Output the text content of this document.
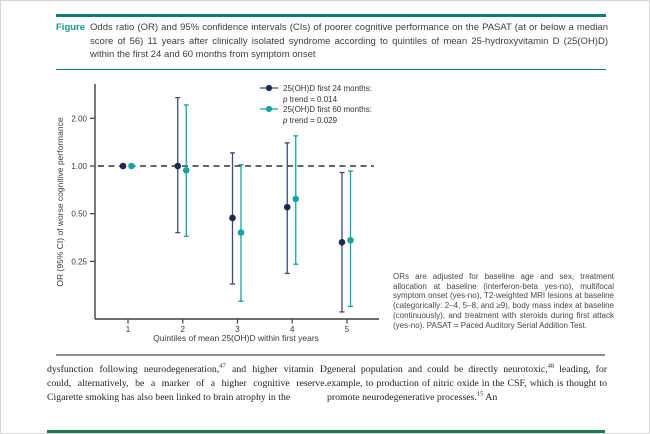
Figure Odds ratio (OR) and 95% confidence intervals (CIs) of poorer cognitive performance on the PASAT (at or below a median score of 56) 11 years after clinically isolated syndrome according to quintiles of mean 25-hydroxyvitamin D (25(OH)D) within the first 24 and 60 months from symptom onset
2.00
1.00
0.50
0.25
1	2	3	4	5
25(OH)D first 24 months:
p trend = 0.014
25(OH)D first 60 months:
p trend = 0.029
Quintiles of mean 25(OH)D within first years
OR (95% CI) of worse cognitive performance	ORs are adjusted for baseline age and sex, treatment allocation at baseline (interferon-beta yes-no), multifocal symptom onset (yes-no), T2-weighted MRI lesions at baseline (categorically: 2–4, 5–8, and ≥9), body mass index at baseline (continuously), and treatment with steroids during first attack (yes-no). PASAT = Paced Auditory Serial Addition Test.
dysfunction following neurodegeneration,$^{47}$ and higher vitamin D could, alternatively, be a marker of a higher cognitive reserve. Cigarette smoking has also been linked to brain atrophy in the
general population and could be directly neurotoxic,$^{48}$ leading, for example, to production of nitric oxide in the CSF, which is thought to promote neurodegenerative processes.$^{15}$ An
